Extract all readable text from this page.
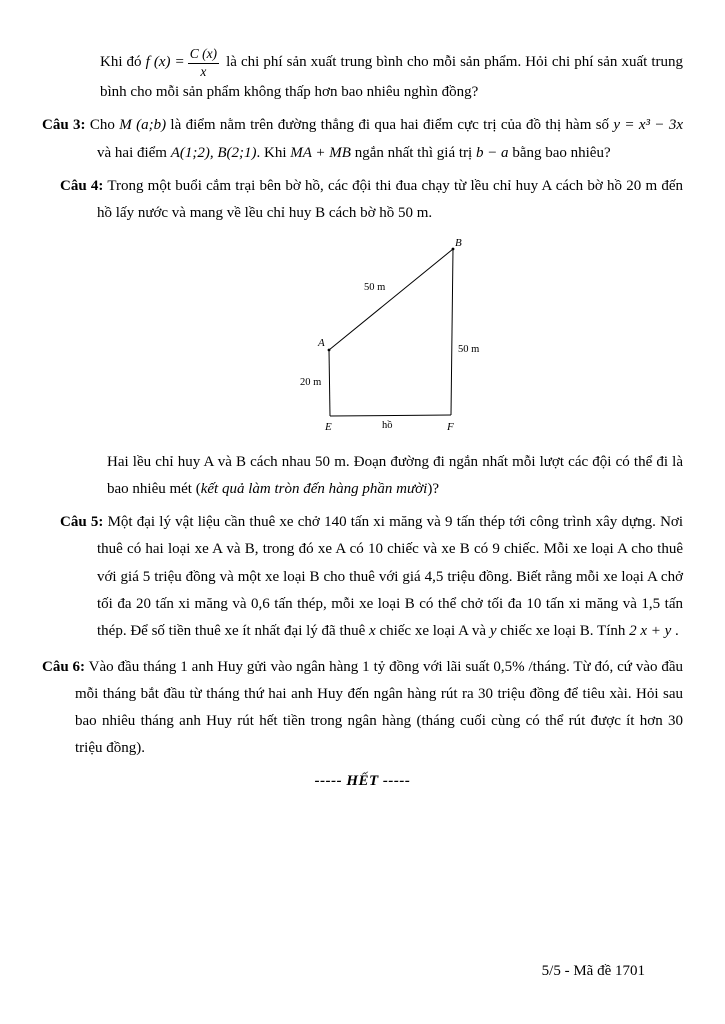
Khi đó f $(x) = \frac{C (x)}{x}$ là chi phí sản xuất trung bình cho mỗi sản phẩm. Hỏi chi phí sản xuất trung bình cho mỗi sản phẩm không thấp hơn bao nhiêu nghìn đồng?

Câu 3: Cho M (a;b) là điểm nằm trên đường thẳng đi qua hai điểm cực trị của đồ thị hàm số y = x³ − 3x và hai điểm A(1;2), B(2;1). Khi MA + MB ngắn nhất thì giá trị b − a bằng bao nhiêu?

Câu 4: Trong một buổi cắm trại bên bờ hồ, các đội thi đua chạy từ lều chỉ huy A cách bờ hồ 20 m đến hồ lấy nước và mang về lều chỉ huy B cách bờ hồ 50 m.

B
A
E	F
50 m
50 m
20 m
hồ

Hai lều chỉ huy A và B cách nhau 50 m. Đoạn đường đi ngắn nhất mỗi lượt các đội có thể đi là bao nhiêu mét (kết quả làm tròn đến hàng phần mười)?

Câu 5: Một đại lý vật liệu cần thuê xe chở 140 tấn xi măng và 9 tấn thép tới công trình xây dựng. Nơi thuê có hai loại xe A và B, trong đó xe A có 10 chiếc và xe B có 9 chiếc. Mỗi xe loại A cho thuê với giá 5 triệu đồng và một xe loại B cho thuê với giá 4,5 triệu đồng. Biết rằng mỗi xe loại A chở tối đa 20 tấn xi măng và 0,6 tấn thép, mỗi xe loại B có thể chở tối đa 10 tấn xi măng và 1,5 tấn thép. Để số tiền thuê xe ít nhất đại lý đã thuê x chiếc xe loại A và y chiếc xe loại B. Tính 2 x + y .

Câu 6: Vào đầu tháng 1 anh Huy gửi vào ngân hàng 1 tỷ đồng với lãi suất 0,5% /tháng. Từ đó, cứ vào đầu mỗi tháng bắt đầu từ tháng thứ hai anh Huy đến ngân hàng rút ra 30 triệu đồng để tiêu xài. Hỏi sau bao nhiêu tháng anh Huy rút hết tiền trong ngân hàng (tháng cuối cùng có thể rút được ít hơn 30 triệu đồng).

----- HẾT -----

5/5 - Mã đề 1701
